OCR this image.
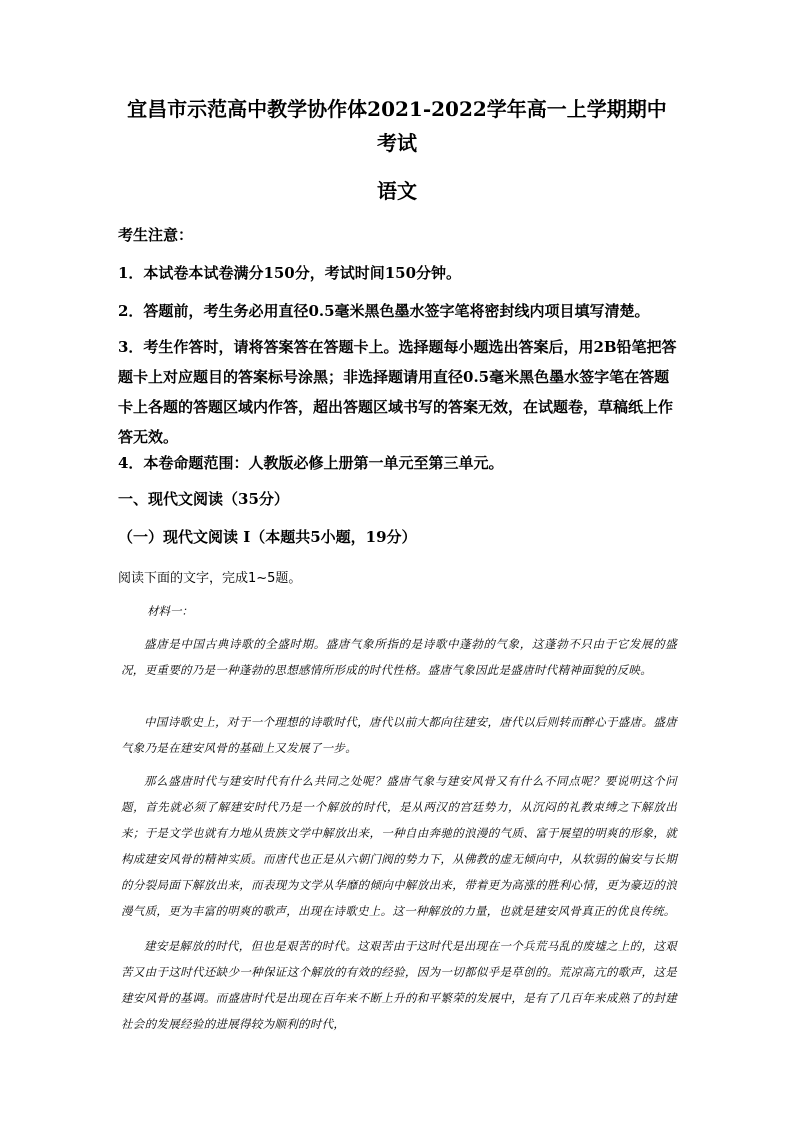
宜昌市示范高中教学协作体2021-2022学年高一上学期期中
考试
语文
考生注意：
1．本试卷本试卷满分150分，考试时间150分钟。
2．答题前，考生务必用直径0.5毫米黑色墨水签字笔将密封线内项目填写清楚。
3．考生作答时，请将答案答在答题卡上。选择题每小题选出答案后，用2B铅笔把答题卡上对应题目的答案标号涂黑；非选择题请用直径0.5毫米黑色墨水签字笔在答题卡上各题的答题区域内作答，超出答题区域书写的答案无效，在试题卷，草稿纸上作答无效。
4．本卷命题范围：人教版必修上册第一单元至第三单元。
一、现代文阅读（35分）
（一）现代文阅读 I（本题共5小题，19分）
阅读下面的文字，完成1~5题。
材料一：
盛唐是中国古典诗歌的全盛时期。盛唐气象所指的是诗歌中蓬勃的气象，这蓬勃不只由于它发展的盛况，更重要的乃是一种蓬勃的思想感情所形成的时代性格。盛唐气象因此是盛唐时代精神面貌的反映。
中国诗歌史上，对于一个理想的诗歌时代，唐代以前大都向往建安，唐代以后则转而醉心于盛唐。盛唐气象乃是在建安风骨的基础上又发展了一步。
那么盛唐时代与建安时代有什么共同之处呢？盛唐气象与建安风骨又有什么不同点呢？要说明这个问题，首先就必须了解建安时代乃是一个解放的时代，是从两汉的宫廷势力，从沉闷的礼教束缚之下解放出来；于是文学也就有力地从贵族文学中解放出来，一种自由奔驰的浪漫的气质、富于展望的明爽的形象，就构成建安风骨的精神实质。而唐代也正是从六朝门阀的势力下，从佛教的虚无倾向中，从软弱的偏安与长期的分裂局面下解放出来，而表现为文学从华靡的倾向中解放出来，带着更为高涨的胜利心情，更为豪迈的浪漫气质，更为丰富的明爽的歌声，出现在诗歌史上。这一种解放的力量，也就是建安风骨真正的优良传统。
建安是解放的时代，但也是艰苦的时代。这艰苦由于这时代是出现在一个兵荒马乱的废墟之上的，这艰苦又由于这时代还缺少一种保证这个解放的有效的经验，因为一切都似乎是草创的。荒凉高亢的歌声，这是建安风骨的基调。而盛唐时代是出现在百年来不断上升的和平繁荣的发展中，是有了几百年来成熟了的封建社会的发展经验的进展得较为顺利的时代，
